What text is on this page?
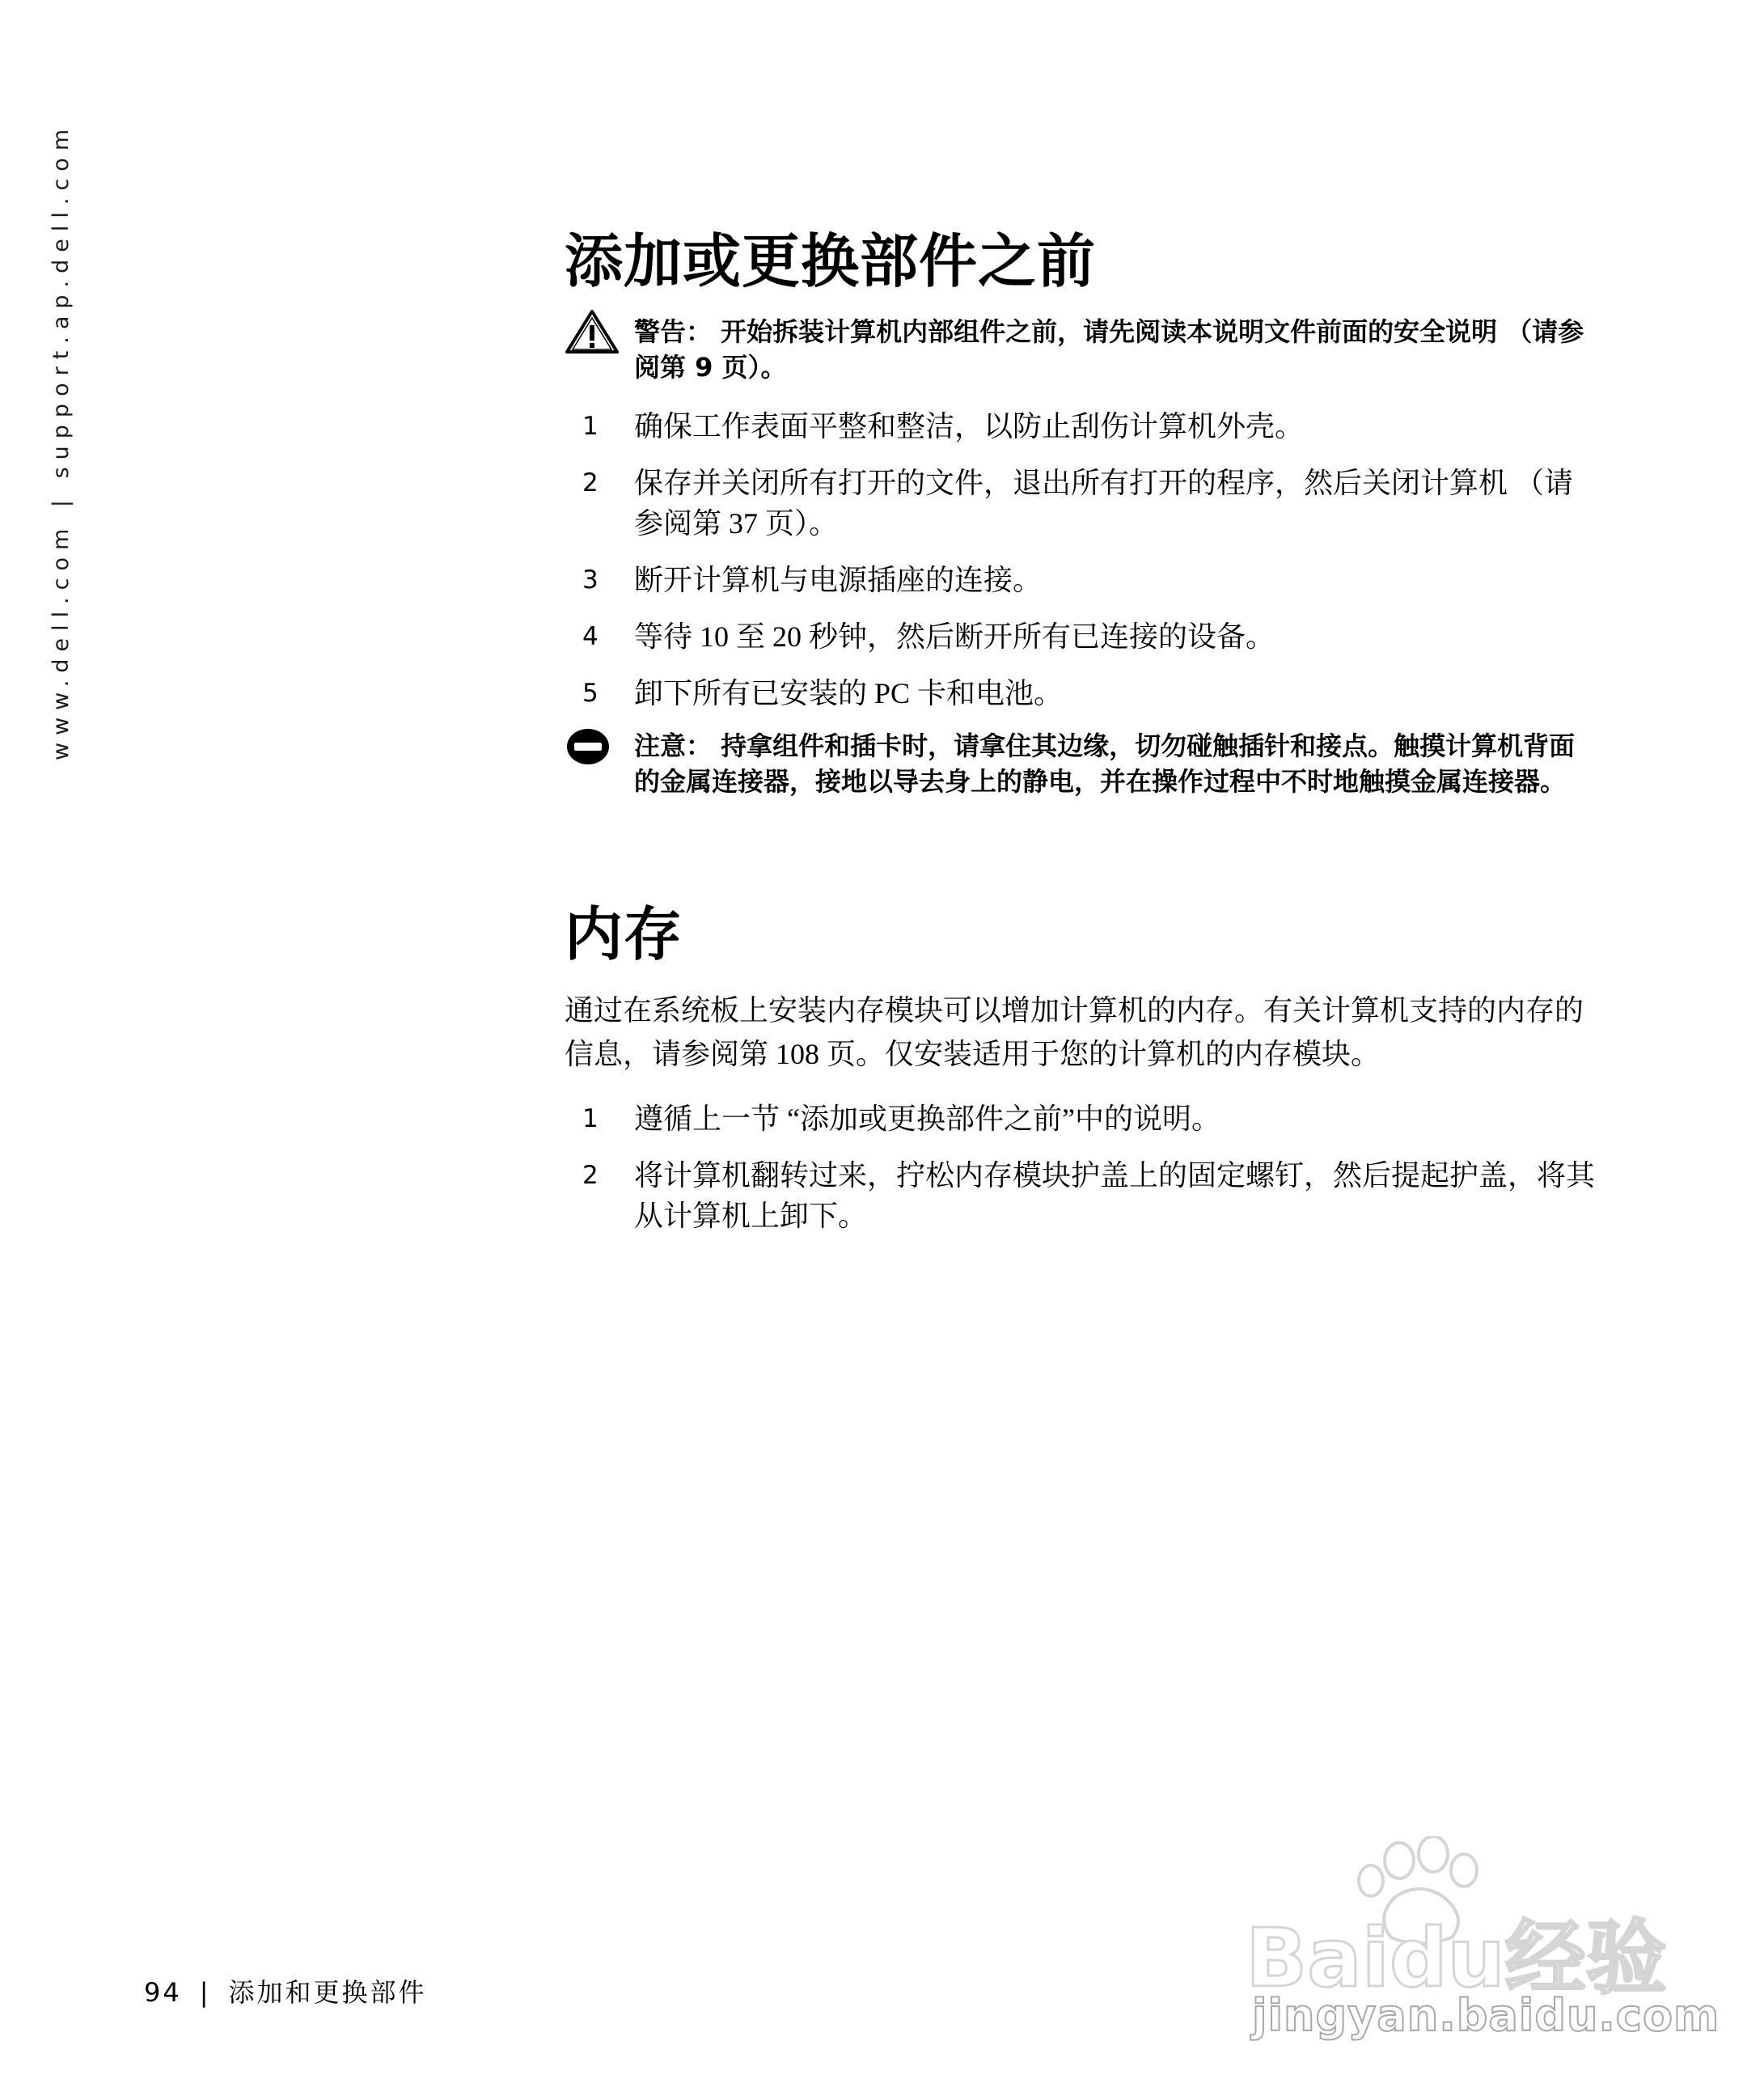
www.dell.com | support.ap.dell.com	添加或更换部件之前
警告： 开始拆装计算机内部组件之前，请先阅读本说明文件前面的安全说明 （请参阅第 9 页）。
1 确保工作表面平整和整洁，以防止刮伤计算机外壳。
2 保存并关闭所有打开的文件，退出所有打开的程序，然后关闭计算机 （请参阅第 37 页）。
3 断开计算机与电源插座的连接。
4 等待 10 至 20 秒钟，然后断开所有已连接的设备。
5 卸下所有已安装的 PC 卡和电池。
注意： 持拿组件和插卡时，请拿住其边缘，切勿碰触插针和接点。触摸计算机背面的金属连接器，接地以导去身上的静电，并在操作过程中不时地触摸金属连接器。
内存

通过在系统板上安装内存模块可以增加计算机的内存。有关计算机支持的内存的信息，请参阅第 108 页。仅安装适用于您的计算机的内存模块。

1 遵循上一节 “添加或更换部件之前”中的说明。
2 将计算机翻转过来，拧松内存模块护盖上的固定螺钉，然后提起护盖，将其从计算机上卸下。
94 | 添加和更换部件	Baidu经验
jingyan.baidu.com
